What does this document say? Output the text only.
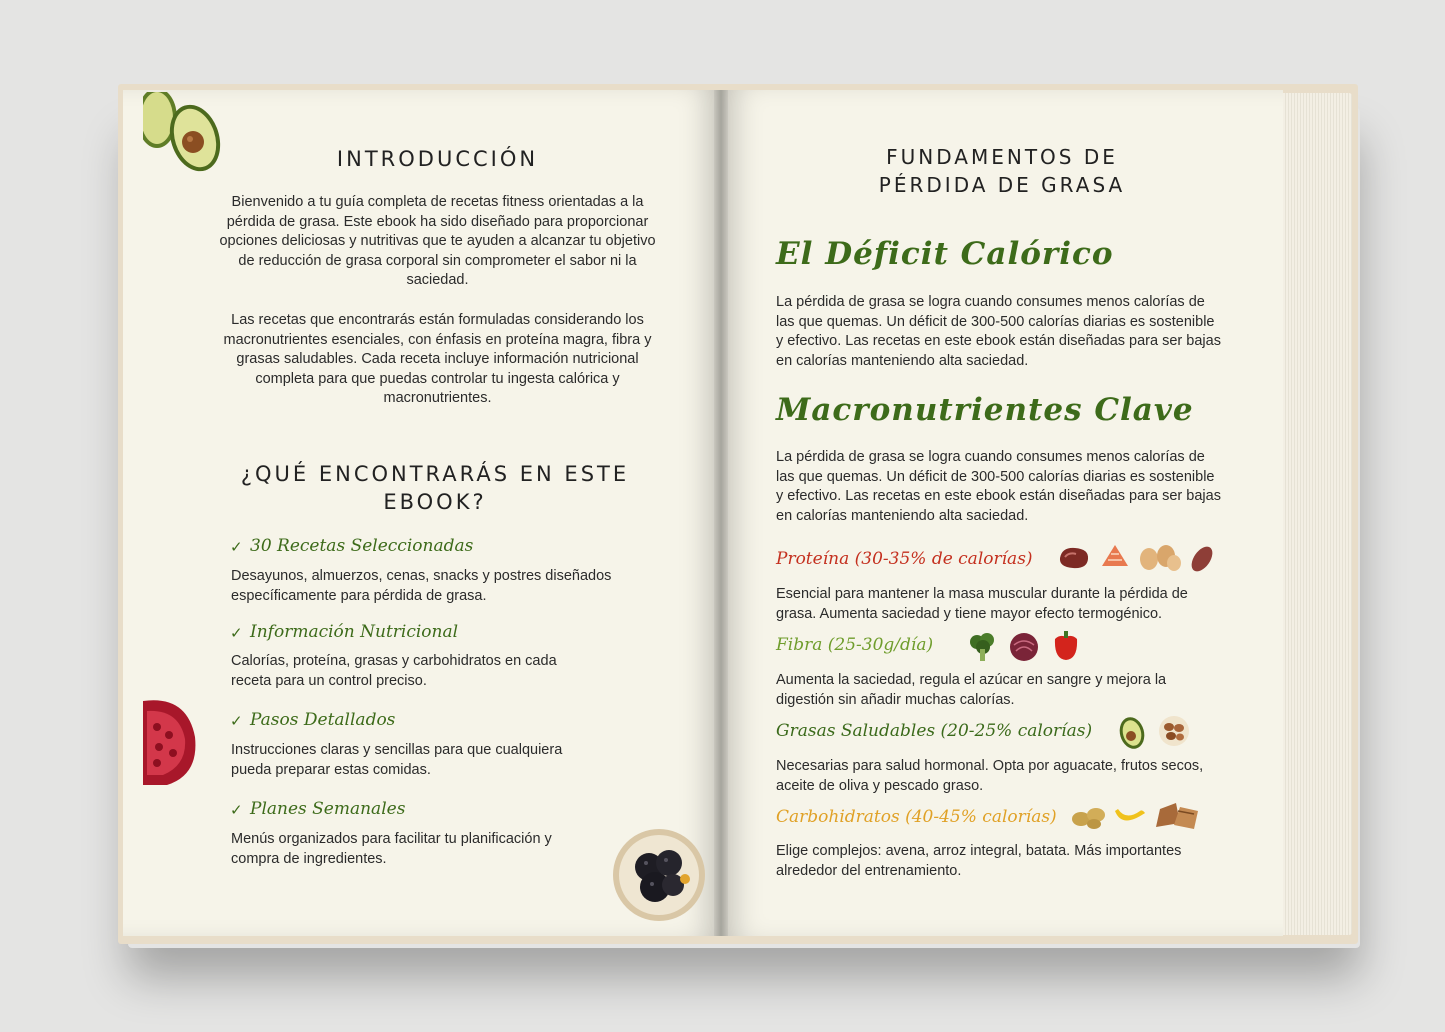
INTRODUCCIÓN
Bienvenido a tu guía completa de recetas fitness orientadas a la
pérdida de grasa. Este ebook ha sido diseñado para proporcionar
opciones deliciosas y nutritivas que te ayuden a alcanzar tu objetivo
de reducción de grasa corporal sin comprometer el sabor ni la
saciedad.
Las recetas que encontrarás están formuladas considerando los
macronutrientes esenciales, con énfasis en proteína magra, fibra y
grasas saludables. Cada receta incluye información nutricional
completa para que puedas controlar tu ingesta calórica y
macronutrientes.
¿QUÉ ENCONTRARÁS EN ESTE
EBOOK?
✓ 30 Recetas Seleccionadas
Desayunos, almuerzos, cenas, snacks y postres diseñados
específicamente para pérdida de grasa.
✓ Información Nutricional
Calorías, proteína, grasas y carbohidratos en cada
receta para un control preciso.
✓ Pasos Detallados
Instrucciones claras y sencillas para que cualquiera
pueda preparar estas comidas.
✓ Planes Semanales
Menús organizados para facilitar tu planificación y
compra de ingredientes.
FUNDAMENTOS DE
PÉRDIDA DE GRASA
El Déficit Calórico
La pérdida de grasa se logra cuando consumes menos calorías de
las que quemas. Un déficit de 300-500 calorías diarias es sostenible
y efectivo. Las recetas en este ebook están diseñadas para ser bajas
en calorías manteniendo alta saciedad.
Macronutrientes Clave
La pérdida de grasa se logra cuando consumes menos calorías de
las que quemas. Un déficit de 300-500 calorías diarias es sostenible
y efectivo. Las recetas en este ebook están diseñadas para ser bajas
en calorías manteniendo alta saciedad.
Proteína (30-35% de calorías)
Esencial para mantener la masa muscular durante la pérdida de
grasa. Aumenta saciedad y tiene mayor efecto termogénico.
Fibra (25-30g/día)
Aumenta la saciedad, regula el azúcar en sangre y mejora la
digestión sin añadir muchas calorías.
Grasas Saludables (20-25% calorías)
Necesarias para salud hormonal. Opta por aguacate, frutos secos,
aceite de oliva y pescado graso.
Carbohidratos (40-45% calorías)
Elige complejos: avena, arroz integral, batata. Más importantes
alrededor del entrenamiento.
